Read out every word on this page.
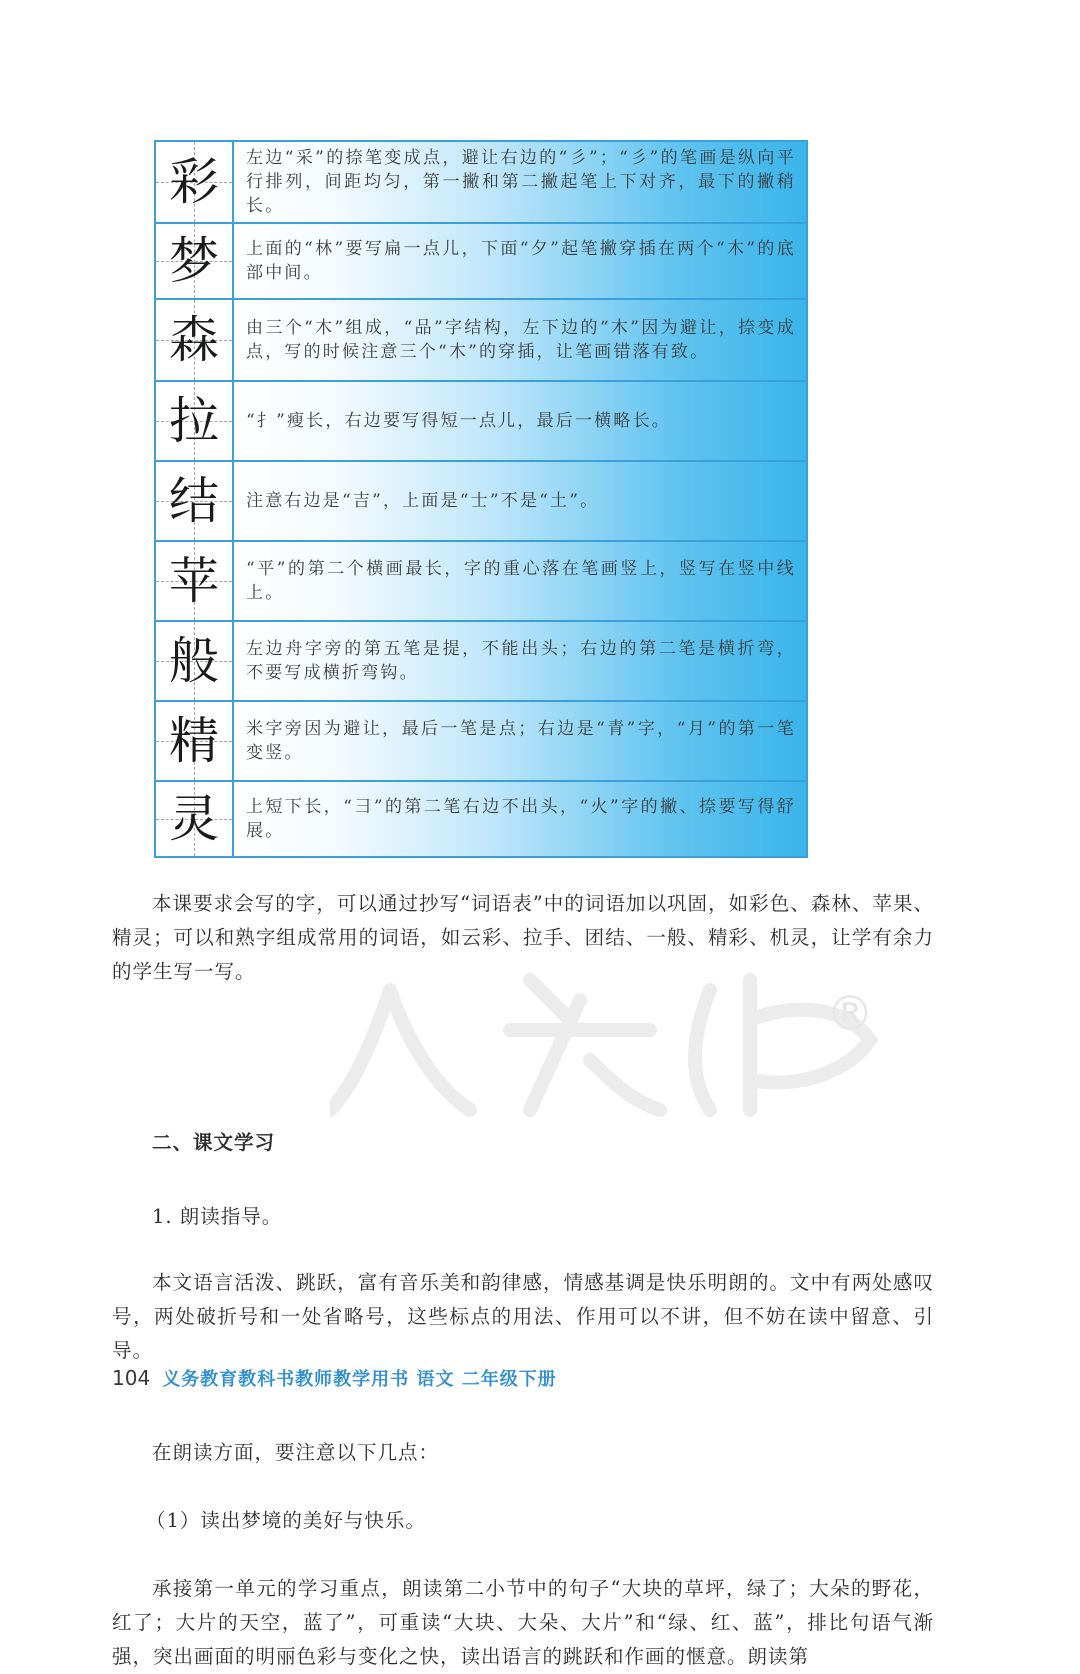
®
彩 左边“采”的捺笔变成点，避让右边的“彡”；“彡”的笔画是纵向平行排列，间距均匀，第一撇和第二撇起笔上下对齐，最下的撇稍长。
梦 上面的“林”要写扁一点儿，下面“夕”起笔撇穿插在两个“木”的底部中间。
森 由三个“木”组成，“品”字结构，左下边的“木”因为避让，捺变成点，写的时候注意三个“木”的穿插，让笔画错落有致。
拉 “扌”瘦长，右边要写得短一点儿，最后一横略长。
结 注意右边是“吉”，上面是“士”不是“土”。
苹 “平”的第二个横画最长，字的重心落在笔画竖上，竖写在竖中线上。
般 左边舟字旁的第五笔是提，不能出头；右边的第二笔是横折弯，不要写成横折弯钩。
精 米字旁因为避让，最后一笔是点；右边是“青”字，“月”的第一笔变竖。
灵 上短下长，“彐”的第二笔右边不出头，“火”字的撇、捺要写得舒展。
本课要求会写的字，可以通过抄写“词语表”中的词语加以巩固，如彩色、森林、苹果、精灵；可以和熟字组成常用的词语，如云彩、拉手、团结、一般、精彩、机灵，让学有余力的学生写一写。
二、课文学习
1. 朗读指导。
本文语言活泼、跳跃，富有音乐美和韵律感，情感基调是快乐明朗的。文中有两处感叹号，两处破折号和一处省略号，这些标点的用法、作用可以不讲，但不妨在读中留意、引导。
在朗读方面，要注意以下几点：
（1）读出梦境的美好与快乐。
承接第一单元的学习重点，朗读第二小节中的句子“大块的草坪，绿了；大朵的野花，红了；大片的天空，蓝了”，可重读“大块、大朵、大片”和“绿、红、蓝”，排比句语气渐强，突出画面的明丽色彩与变化之快，读出语言的跳跃和作画的惬意。朗读第
104 义务教育教科书教师教学用书 语文 二年级下册
